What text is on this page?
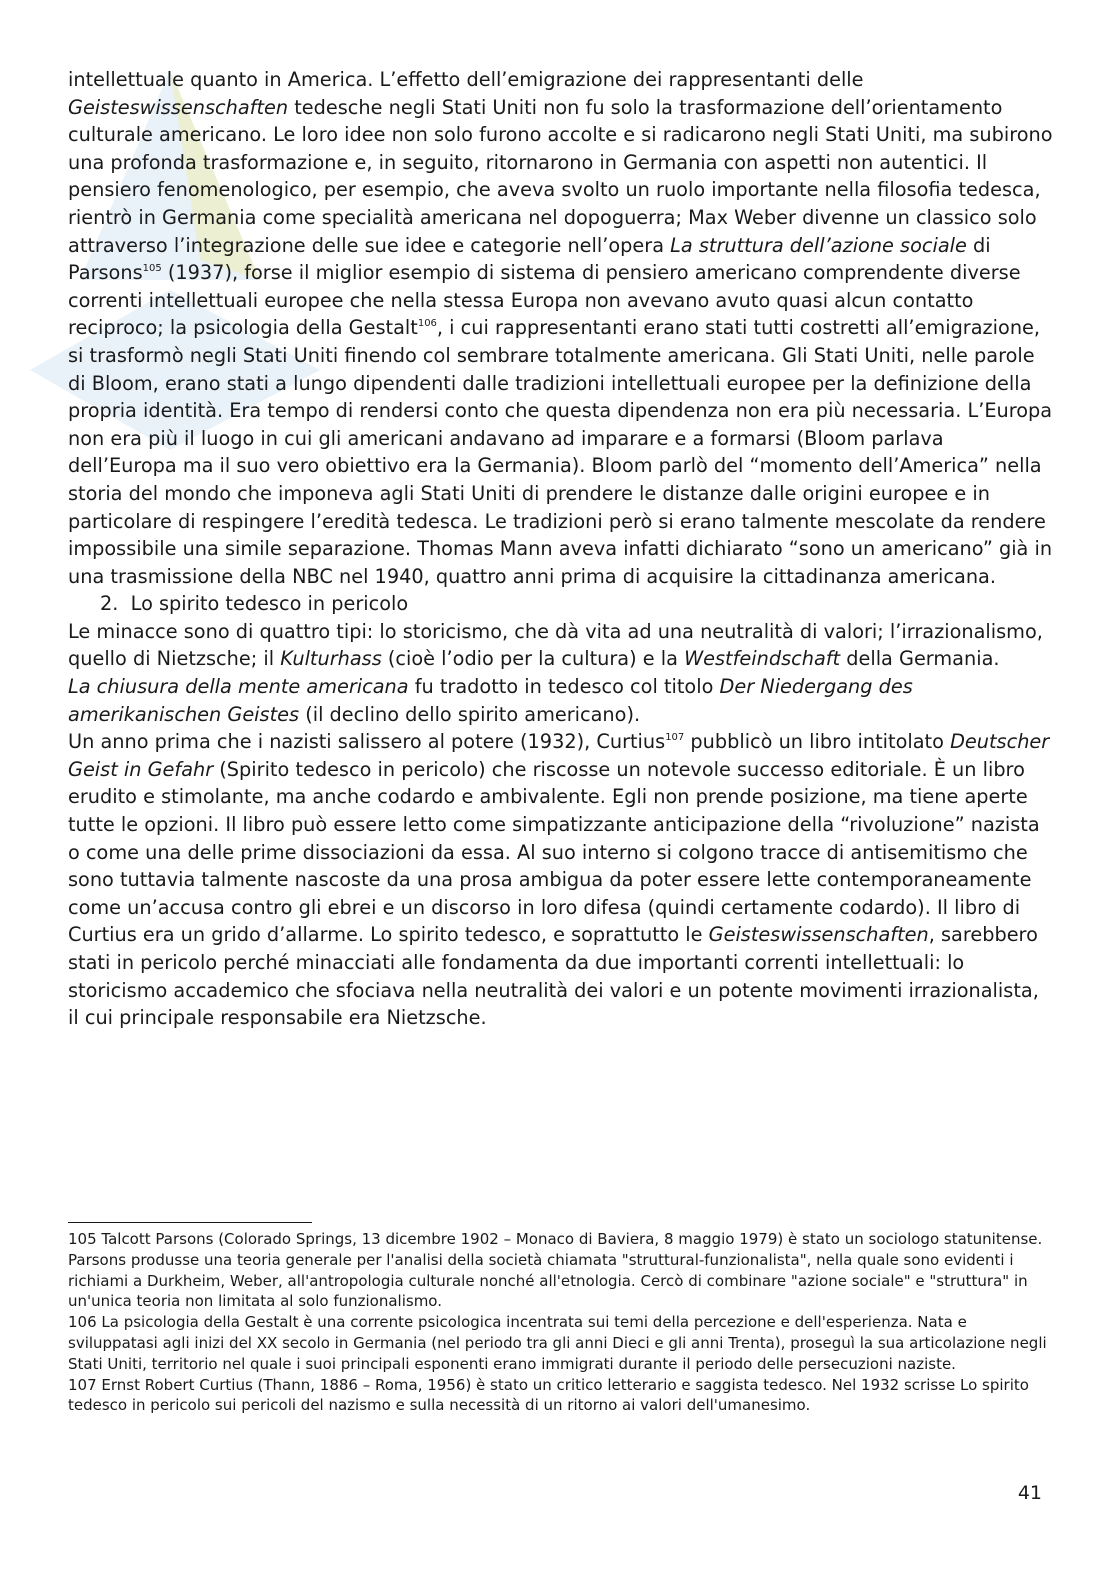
intellettuale quanto in America. L’effetto dell’emigrazione dei rappresentanti delle Geisteswissenschaften tedesche negli Stati Uniti non fu solo la trasformazione dell’orientamento culturale americano. Le loro idee non solo furono accolte e si radicarono negli Stati Uniti, ma subirono una profonda trasformazione e, in seguito, ritornarono in Germania con aspetti non autentici. Il pensiero fenomenologico, per esempio, che aveva svolto un ruolo importante nella filosofia tedesca, rientrò in Germania come specialità americana nel dopoguerra; Max Weber divenne un classico solo attraverso l’integrazione delle sue idee e categorie nell’opera La struttura dell’azione sociale di Parsons$^{105}$ (1937), forse il miglior esempio di sistema di pensiero americano comprendente diverse correnti intellettuali europee che nella stessa Europa non avevano avuto quasi alcun contatto reciproco; la psicologia della Gestalt$^{106}$, i cui rappresentanti erano stati tutti costretti all’emigrazione, si trasformò negli Stati Uniti finendo col sembrare totalmente americana. Gli Stati Uniti, nelle parole di Bloom, erano stati a lungo dipendenti dalle tradizioni intellettuali europee per la definizione della propria identità. Era tempo di rendersi conto che questa dipendenza non era più necessaria. L’Europa non era più il luogo in cui gli americani andavano ad imparare e a formarsi (Bloom parlava dell’Europa ma il suo vero obiettivo era la Germania). Bloom parlò del “momento dell’America” nella storia del mondo che imponeva agli Stati Uniti di prendere le distanze dalle origini europee e in particolare di respingere l’eredità tedesca. Le tradizioni però si erano talmente mescolate da rendere impossibile una simile separazione. Thomas Mann aveva infatti dichiarato “sono un americano” già in una trasmissione della NBC nel 1940, quattro anni prima di acquisire la cittadinanza americana.

2. Lo spirito tedesco in pericolo

Le minacce sono di quattro tipi: lo storicismo, che dà vita ad una neutralità di valori; l’irrazionalismo, quello di Nietzsche; il Kulturhass (cioè l’odio per la cultura) e la Westfeindschaft della Germania.

La chiusura della mente americana fu tradotto in tedesco col titolo Der Niedergang des amerikanischen Geistes (il declino dello spirito americano).

Un anno prima che i nazisti salissero al potere (1932), Curtius$^{107}$ pubblicò un libro intitolato Deutscher Geist in Gefahr (Spirito tedesco in pericolo) che riscosse un notevole successo editoriale. È un libro erudito e stimolante, ma anche codardo e ambivalente. Egli non prende posizione, ma tiene aperte tutte le opzioni. Il libro può essere letto come simpatizzante anticipazione della “rivoluzione” nazista o come una delle prime dissociazioni da essa. Al suo interno si colgono tracce di antisemitismo che sono tuttavia talmente nascoste da una prosa ambigua da poter essere lette contemporaneamente come un’accusa contro gli ebrei e un discorso in loro difesa (quindi certamente codardo). Il libro di Curtius era un grido d’allarme. Lo spirito tedesco, e soprattutto le Geisteswissenschaften, sarebbero stati in pericolo perché minacciati alle fondamenta da due importanti correnti intellettuali: lo storicismo accademico che sfociava nella neutralità dei valori e un potente movimenti irrazionalista, il cui principale responsabile era Nietzsche.

105 Talcott Parsons (Colorado Springs, 13 dicembre 1902 – Monaco di Baviera, 8 maggio 1979) è stato un sociologo statunitense. Parsons produsse una teoria generale per l'analisi della società chiamata "struttural-funzionalista", nella quale sono evidenti i richiami a Durkheim, Weber, all'antropologia culturale nonché all'etnologia. Cercò di combinare "azione sociale" e "struttura" in un'unica teoria non limitata al solo funzionalismo.

106 La psicologia della Gestalt è una corrente psicologica incentrata sui temi della percezione e dell'esperienza. Nata e sviluppatasi agli inizi del XX secolo in Germania (nel periodo tra gli anni Dieci e gli anni Trenta), proseguì la sua articolazione negli Stati Uniti, territorio nel quale i suoi principali esponenti erano immigrati durante il periodo delle persecuzioni naziste.

107 Ernst Robert Curtius (Thann, 1886 – Roma, 1956) è stato un critico letterario e saggista tedesco. Nel 1932 scrisse Lo spirito tedesco in pericolo sui pericoli del nazismo e sulla necessità di un ritorno ai valori dell'umanesimo.

41
